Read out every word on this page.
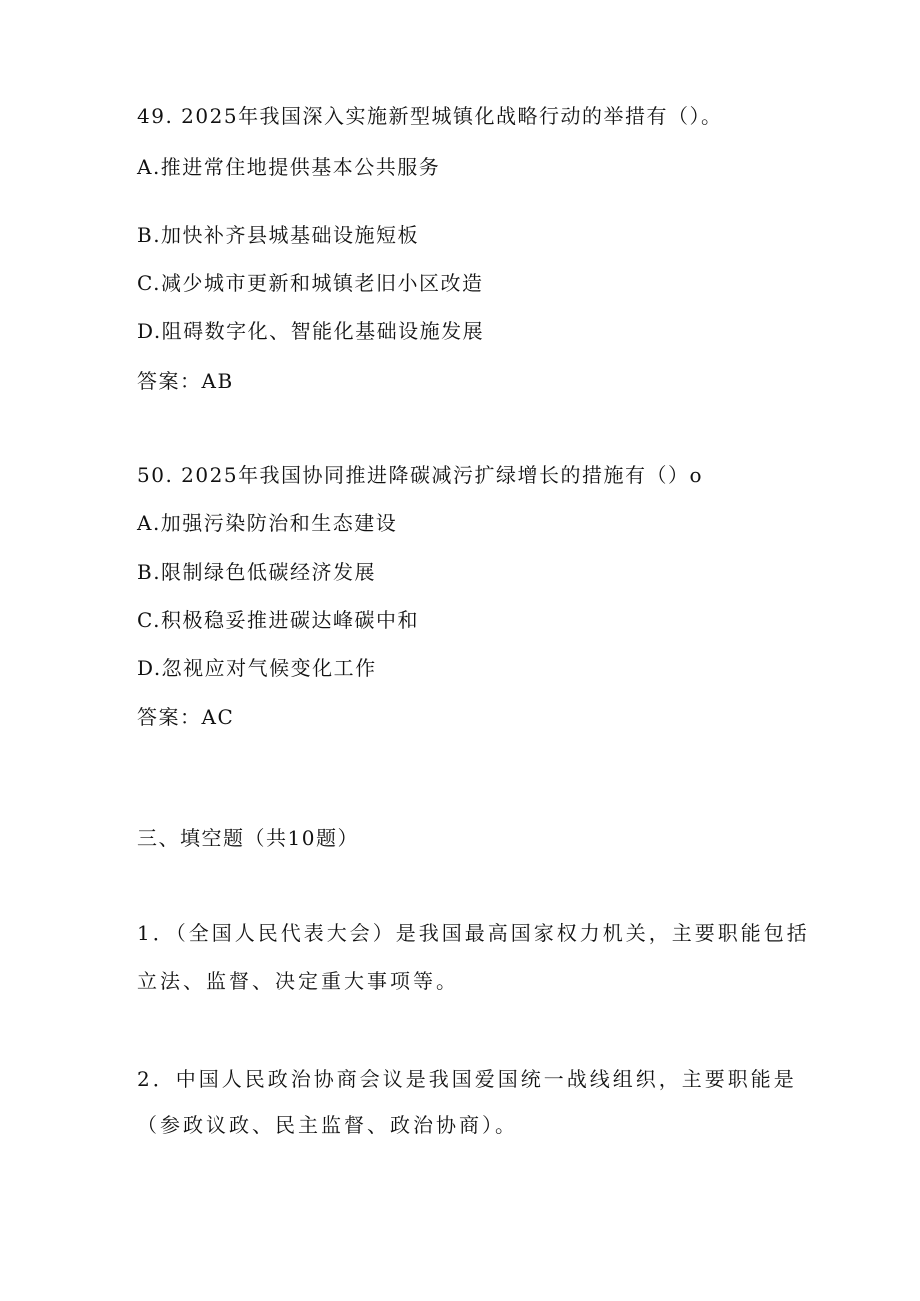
49. 2025年我国深入实施新型城镇化战略行动的举措有（）。
A.推进常住地提供基本公共服务
B.加快补齐县城基础设施短板
C.减少城市更新和城镇老旧小区改造
D.阻碍数字化、智能化基础设施发展
答案：AB
50. 2025年我国协同推进降碳减污扩绿增长的措施有（）o
A.加强污染防治和生态建设
B.限制绿色低碳经济发展
C.积极稳妥推进碳达峰碳中和
D.忽视应对气候变化工作
答案：AC
三、填空题（共10题）
1．（全国人民代表大会）是我国最高国家权力机关，主要职能包括
立法、监督、决定重大事项等。
2．中国人民政治协商会议是我国爱国统一战线组织，主要职能是
（参政议政、民主监督、政治协商）。
